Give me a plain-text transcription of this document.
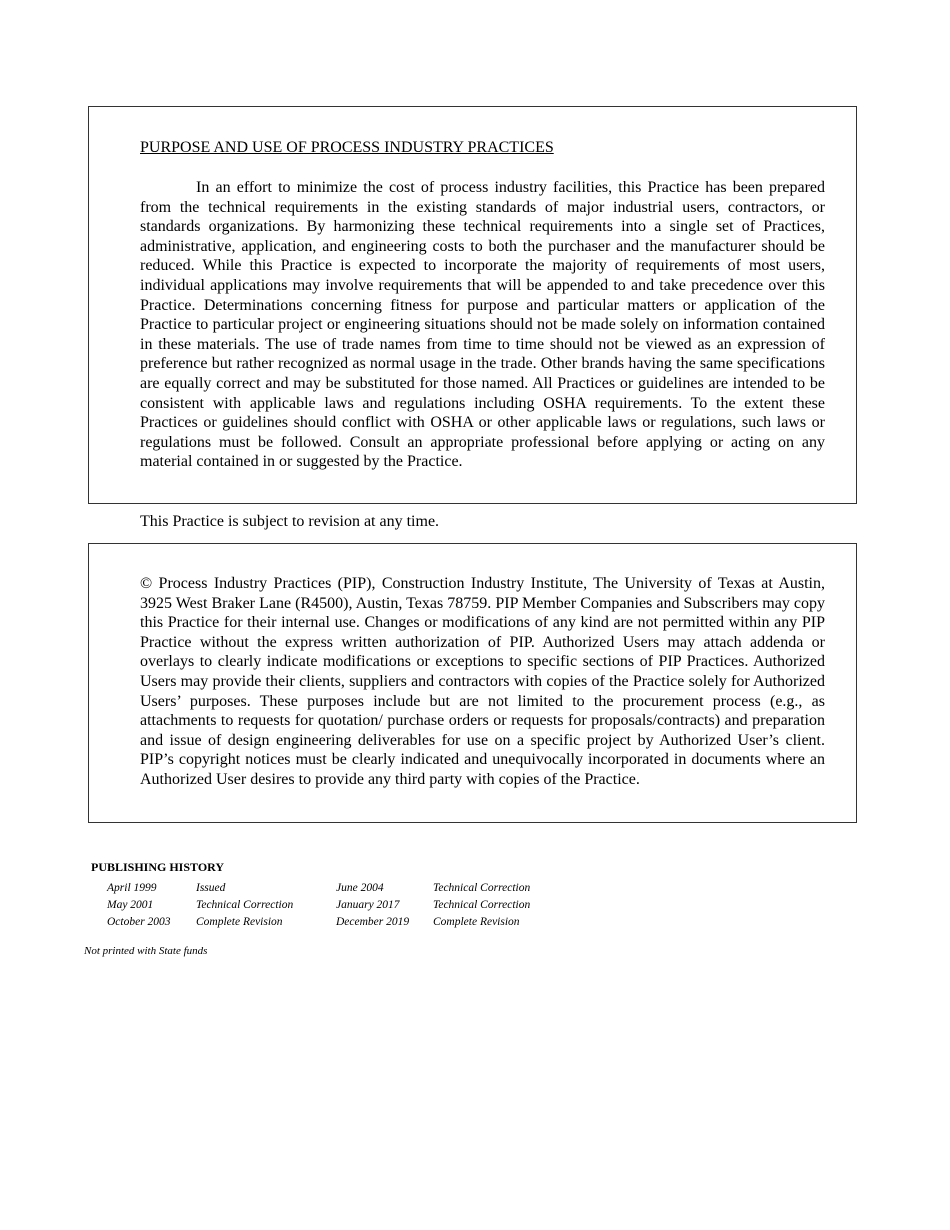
PURPOSE AND USE OF PROCESS INDUSTRY PRACTICES

In an effort to minimize the cost of process industry facilities, this Practice has been prepared from the technical requirements in the existing standards of major industrial users, contractors, or standards organizations. By harmonizing these technical requirements into a single set of Practices, administrative, application, and engineering costs to both the purchaser and the manufacturer should be reduced. While this Practice is expected to incorporate the majority of requirements of most users, individual applications may involve requirements that will be appended to and take precedence over this Practice. Determinations concerning fitness for purpose and particular matters or application of the Practice to particular project or engineering situations should not be made solely on information contained in these materials. The use of trade names from time to time should not be viewed as an expression of preference but rather recognized as normal usage in the trade. Other brands having the same specifications are equally correct and may be substituted for those named. All Practices or guidelines are intended to be consistent with applicable laws and regulations including OSHA requirements. To the extent these Practices or guidelines should conflict with OSHA or other applicable laws or regulations, such laws or regulations must be followed. Consult an appropriate professional before applying or acting on any material contained in or suggested by the Practice.

This Practice is subject to revision at any time.

© Process Industry Practices (PIP), Construction Industry Institute, The University of Texas at Austin, 3925 West Braker Lane (R4500), Austin, Texas 78759. PIP Member Companies and Subscribers may copy this Practice for their internal use. Changes or modifications of any kind are not permitted within any PIP Practice without the express written authorization of PIP. Authorized Users may attach addenda or overlays to clearly indicate modifications or exceptions to specific sections of PIP Practices. Authorized Users may provide their clients, suppliers and contractors with copies of the Practice solely for Authorized Users’ purposes. These purposes include but are not limited to the procurement process (e.g., as attachments to requests for quotation/ purchase orders or requests for proposals/contracts) and preparation and issue of design engineering deliverables for use on a specific project by Authorized User’s client. PIP’s copyright notices must be clearly indicated and unequivocally incorporated in documents where an Authorized User desires to provide any third party with copies of the Practice.

PUBLISHING HISTORY
April 1999	Issued	June 2004	Technical Correction
May 2001	Technical Correction	January 2017	Technical Correction
October 2003	Complete Revision	December 2019	Complete Revision

Not printed with State funds
